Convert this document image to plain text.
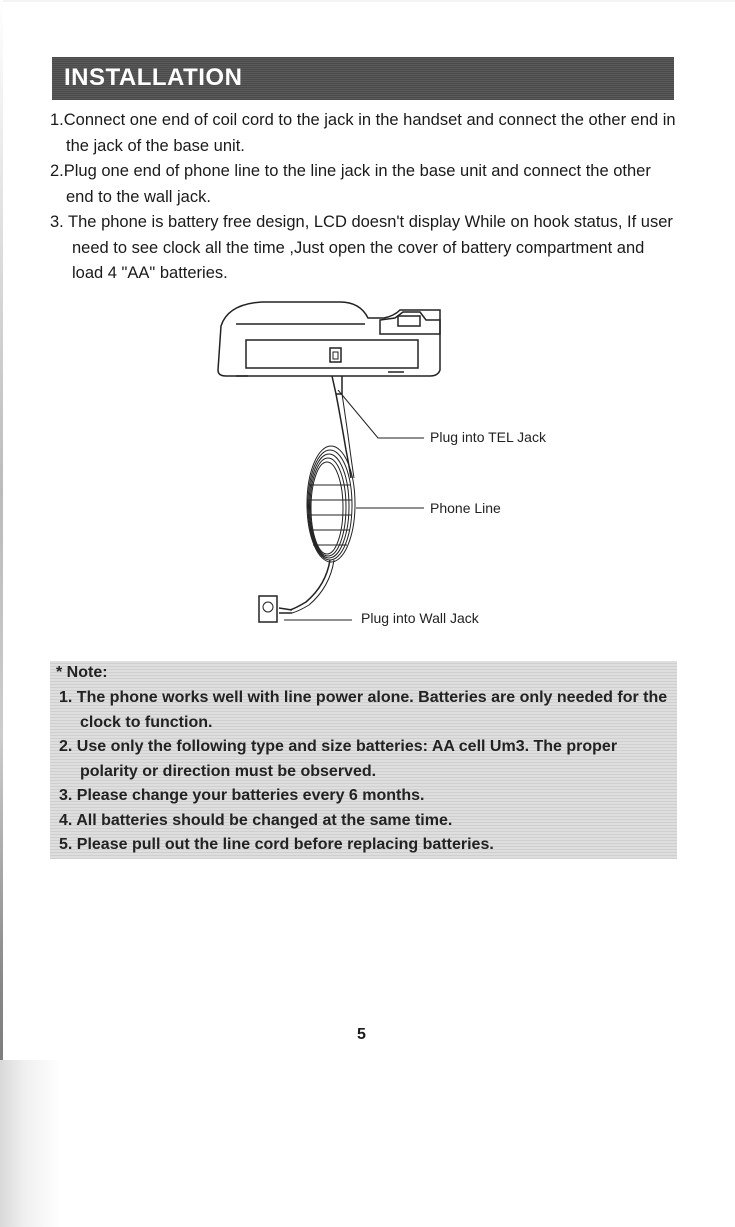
INSTALLATION

1.Connect one end of coil cord to the jack in the handset and connect the other end in the jack of the base unit.

2.Plug one end of phone line to the line jack in the base unit and connect the other end to the wall jack.

3. The phone is battery free design, LCD doesn't display While on hook status, If user need to see clock all the time ,Just open the cover of battery compartment and load 4 "AA" batteries.

Plug into TEL Jack
Phone Line
Plug into Wall Jack
* Note:

1. The phone works well with line power alone. Batteries are only needed for the clock to function.

2. Use only the following type and size batteries: AA cell Um3. The proper polarity or direction must be observed.

3. Please change your batteries every 6 months.

4. All batteries should be changed at the same time.

5. Please pull out the line cord before replacing batteries.

5
